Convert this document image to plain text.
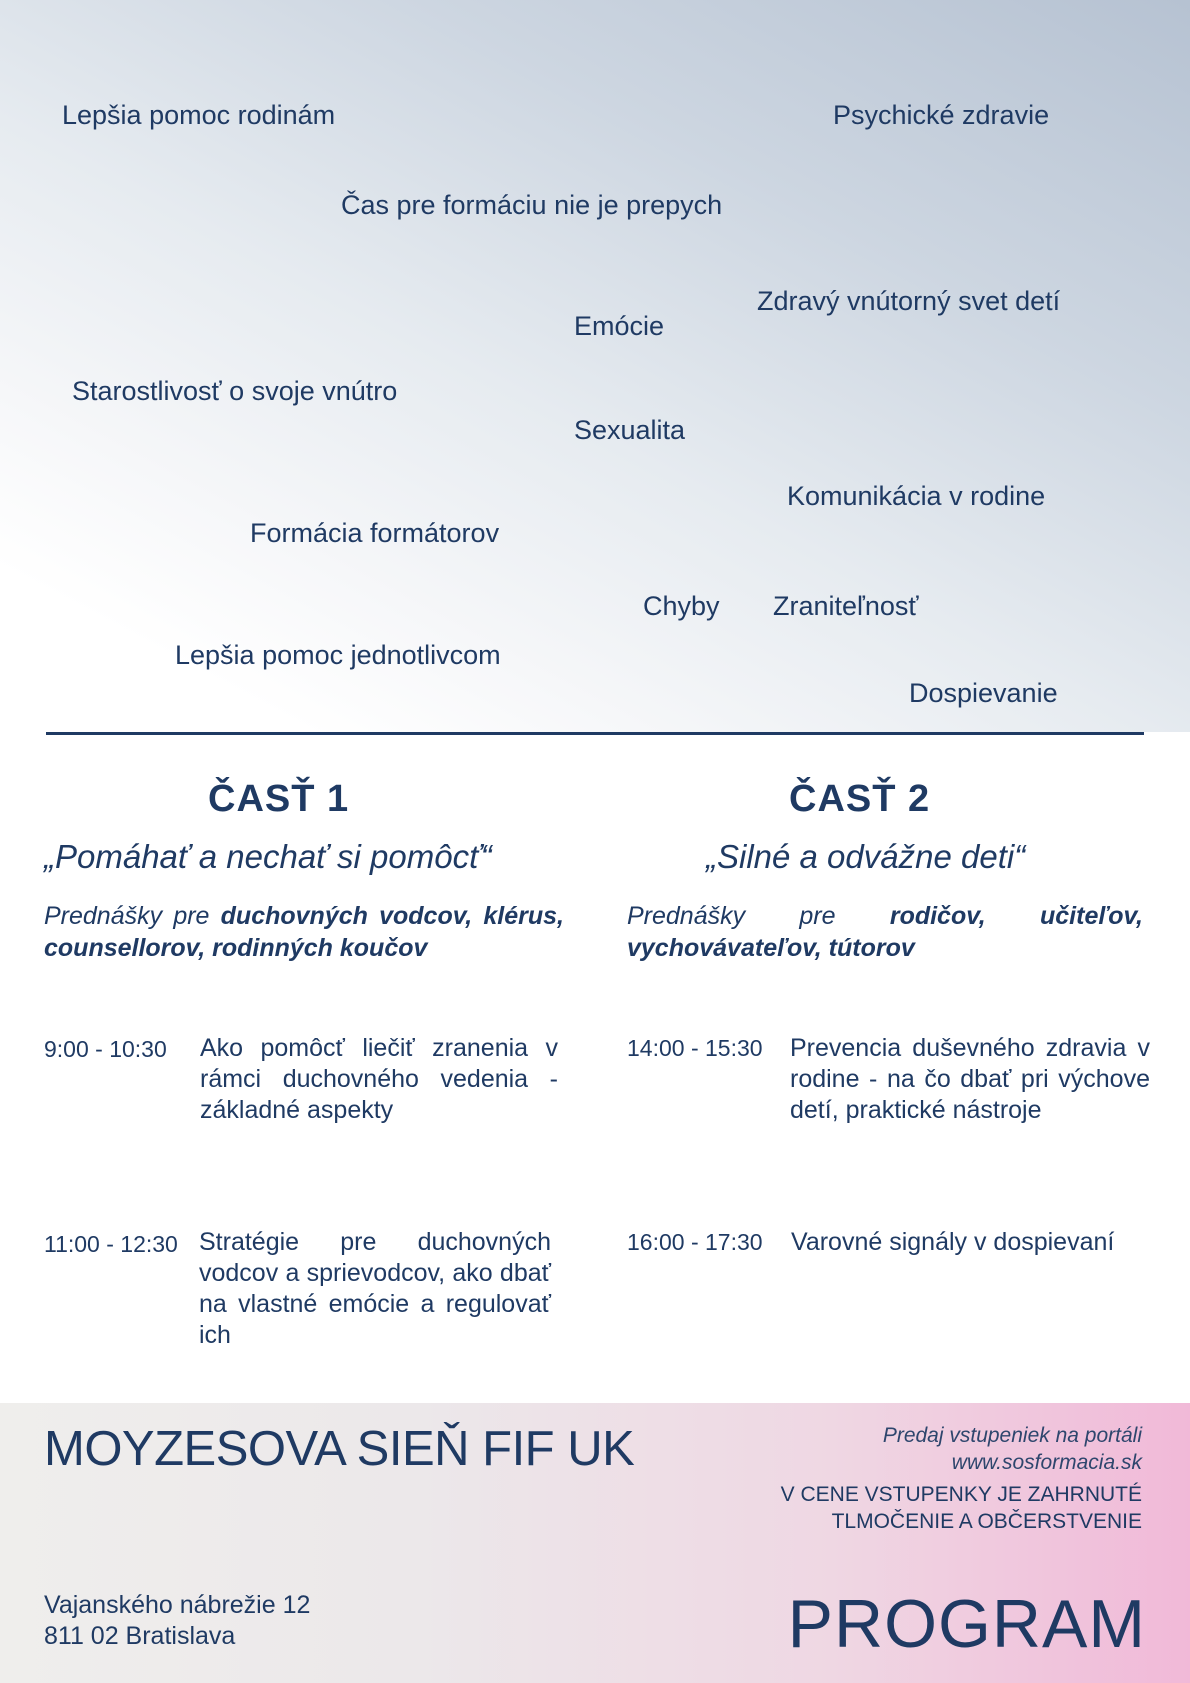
Lepšia pomoc rodinám	Psychické zdravie
Čas pre formáciu nie je prepych
Zdravý vnútorný svet detí
Emócie
Starostlivosť o svoje vnútro
Sexualita
Komunikácia v rodine
Formácia formátorov
Chyby Zraniteľnosť
Lepšia pomoc jednotlivcom
Dospievanie
ČASŤ 1
„Pomáhať a nechať si pomôcť“
Prednášky pre duchovných vodcov, klérus, counsellorov, rodinných koučov
9:00 - 10:30 Ako pomôcť liečiť zranenia v rámci duchovného vedenia - základné aspekty
11:00 - 12:30 Stratégie pre duchovných vodcov a sprievodcov, ako dbať na vlastné emócie a regulovať ich
ČASŤ 2
„Silné a odvážne deti“
Prednášky pre rodičov, učiteľov, vychovávateľov, tútorov
14:00 - 15:30 Prevencia duševného zdravia v rodine - na čo dbať pri výchove detí, praktické nástroje
16:00 - 17:30 Varovné signály v dospievaní
MOYZESOVA SIEŇ FIF UK
Vajanského nábrežie 12
811 02 Bratislava
Predaj vstupeniek na portáli
www.sosformacia.sk
V CENE VSTUPENKY JE ZAHRNUTÉ TLMOČENIE A OBČERSTVENIE
PROGRAM
